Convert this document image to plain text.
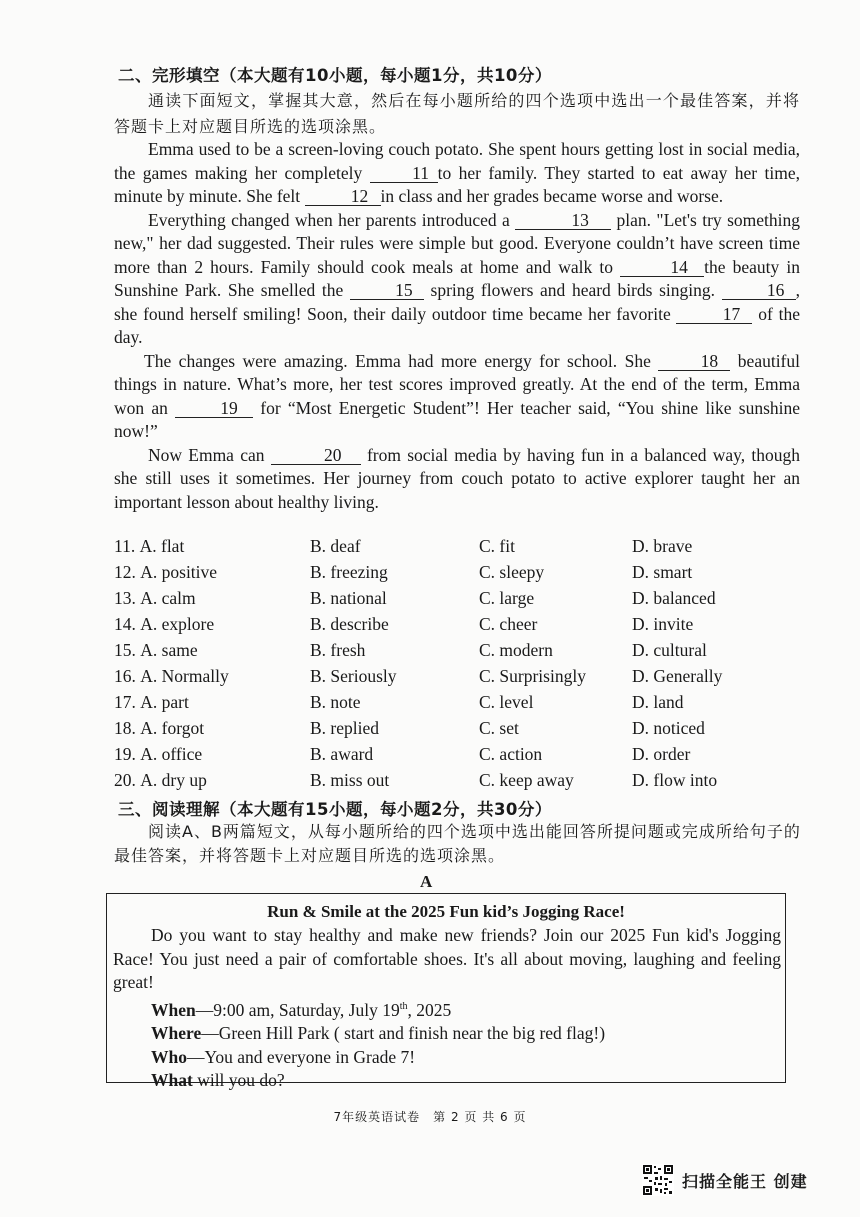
二、完形填空（本大题有10小题，每小题1分，共10分）

通读下面短文，掌握其大意，然后在每小题所给的四个选项中选出一个最佳答案，并将答题卡上对应题目所选的选项涂黑。

Emma used to be a screen-loving couch potato. She spent hours getting lost in social media, the games making her completely 11 to her family. They started to eat away her time, minute by minute. She felt	12 in class and her grades became worse and worse.

Everything changed when her parents introduced a	13 plan. "Let's try something new," her dad suggested. Their rules were simple but good. Everyone couldn’t have screen time more than 2 hours. Family should cook meals at home and walk to	14 the beauty in Sunshine Park. She smelled the	15 spring flowers and heard birds singing.	16 , she found herself smiling! Soon, their daily outdoor time became her favorite	17 of the day.

The changes were amazing. Emma had more energy for school. She 18 beautiful things in nature. What’s more, her test scores improved greatly. At the end of the term, Emma won an	19 for “Most Energetic Student”! Her teacher said, “You shine like sunshine now!”

Now Emma can	20 from social media by having fun in a balanced way, though she still uses it sometimes. Her journey from couch potato to active explorer taught her an important lesson about healthy living.

11. A. flat	B. deaf	C. fit	D. brave
12. A. positive	B. freezing	C. sleepy	D. smart
13. A. calm	B. national	C. large	D. balanced
14. A. explore	B. describe	C. cheer	D. invite
15. A. same	B. fresh	C. modern	D. cultural
16. A. Normally	B. Seriously	C. Surprisingly	D. Generally
17. A. part	B. note	C. level	D. land
18. A. forgot	B. replied	C. set	D. noticed
19. A. office	B. award	C. action	D. order
20. A. dry up	B. miss out	C. keep away	D. flow into
三、阅读理解（本大题有15小题，每小题2分，共30分）
阅读A、B两篇短文，从每小题所给的四个选项中选出能回答所提问题或完成所给句子的最佳答案，并将答题卡上对应题目所选的选项涂黑。
A
Run & Smile at the 2025 Fun kid’s Jogging Race!

Do you want to stay healthy and make new friends? Join our 2025 Fun kid's Jogging Race! You just need a pair of comfortable shoes. It's all about moving, laughing and feeling great!

When—9:00 am, Saturday, July 19th, 2025

Where—Green Hill Park ( start and finish near the big red flag!)

Who—You and everyone in Grade 7!

What will you do?

7年级英语试卷　第 2 页 共 6 页
扫描全能王 创建
